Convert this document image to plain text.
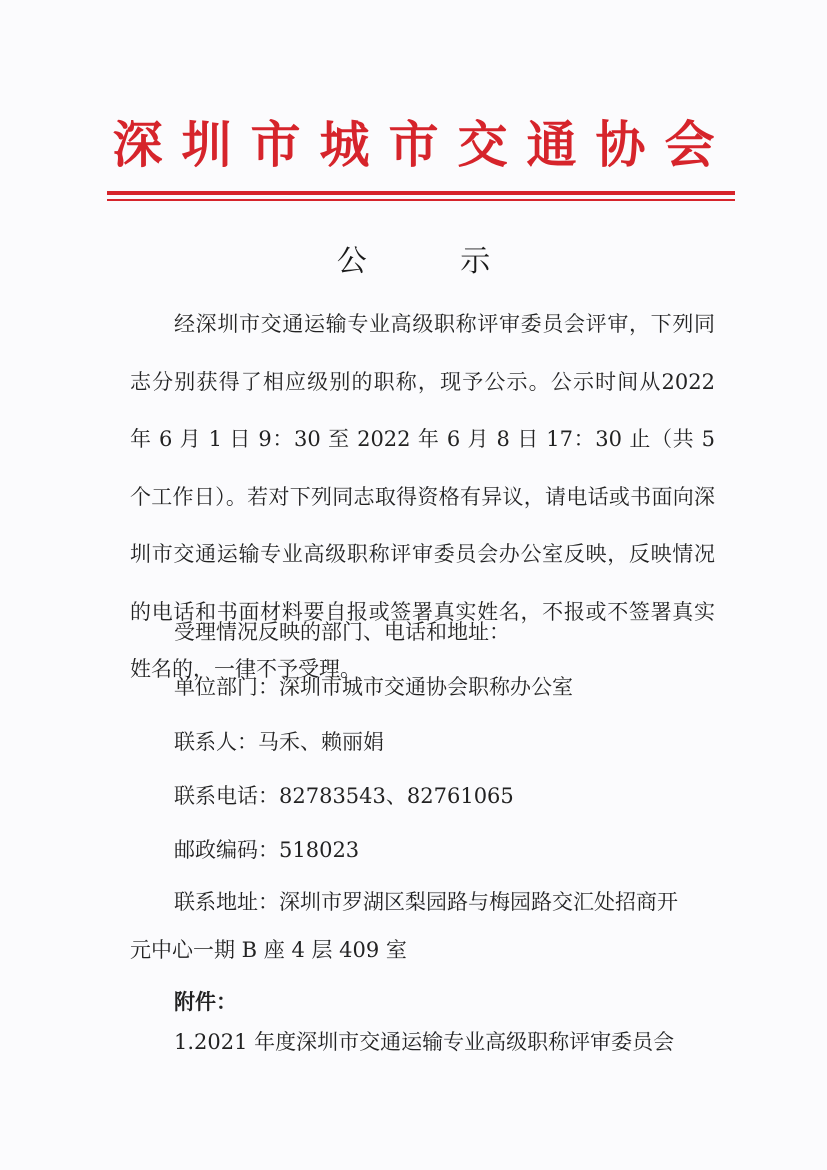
深圳市城市交通协会
公 示
经深圳市交通运输专业高级职称评审委员会评审，下列同志分别获得了相应级别的职称，现予公示。公示时间从2022 年 6 月 1 日 9：30 至 2022 年 6 月 8 日 17：30 止（共 5 个工作日）。若对下列同志取得资格有异议，请电话或书面向深圳市交通运输专业高级职称评审委员会办公室反映，反映情况的电话和书面材料要自报或签署真实姓名，不报或不签署真实姓名的，一律不予受理。
受理情况反映的部门、电话和地址：
单位部门：深圳市城市交通协会职称办公室
联系人：马禾、赖丽娟
联系电话：82783543、82761065
邮政编码：518023
联系地址：深圳市罗湖区梨园路与梅园路交汇处招商开
元中心一期 B 座 4 层 409 室
附件：
1.2021 年度深圳市交通运输专业高级职称评审委员会
